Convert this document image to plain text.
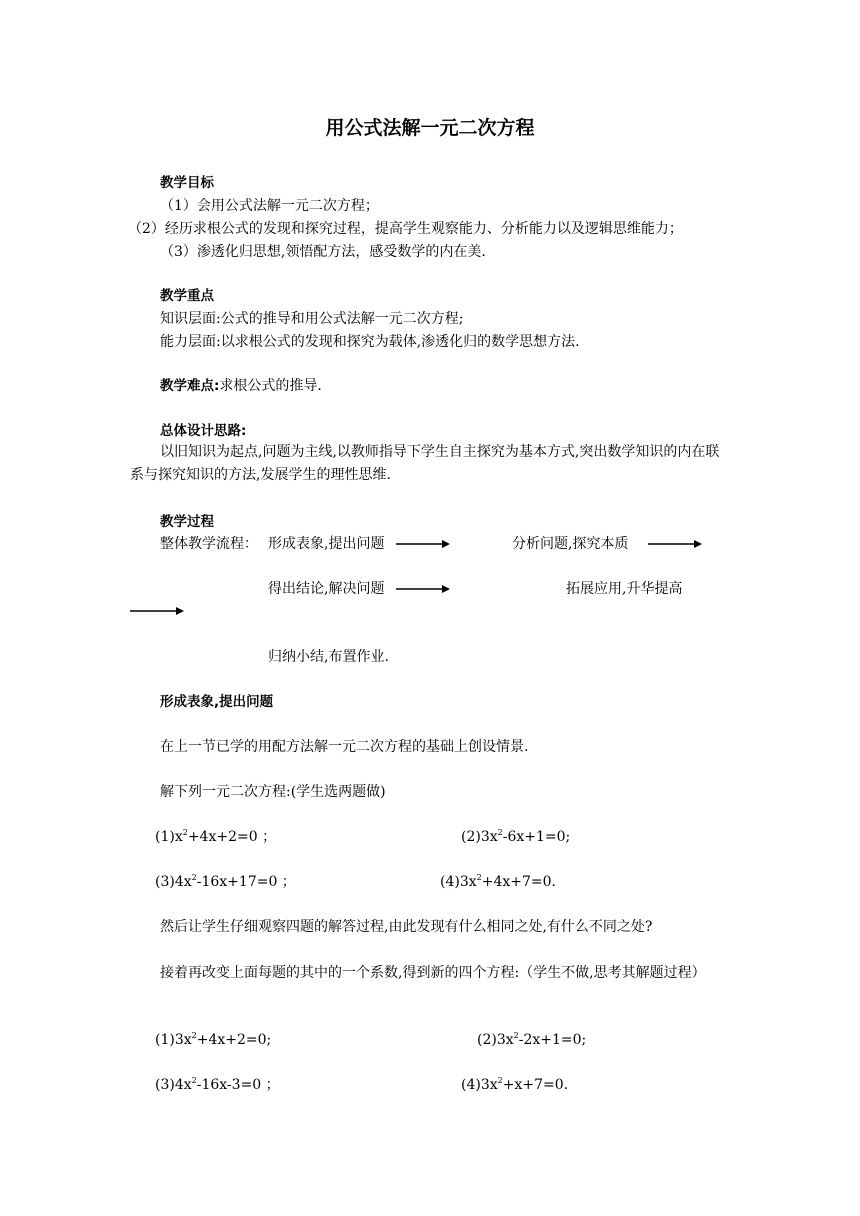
用公式法解一元二次方程
教学目标
（1）会用公式法解一元二次方程；
（2）经历求根公式的发现和探究过程，提高学生观察能力、分析能力以及逻辑思维能力；
（3）渗透化归思想,领悟配方法，感受数学的内在美.
教学重点
知识层面:公式的推导和用公式法解一元二次方程;
能力层面:以求根公式的发现和探究为载体,渗透化归的数学思想方法.
教学难点:求根公式的推导.
总体设计思路:
以旧知识为起点,问题为主线,以教师指导下学生自主探究为基本方式,突出数学知识的内在联系与探究知识的方法,发展学生的理性思维.
教学过程
整体教学流程： 形成表象,提出问题	分析问题,探究本质
得出结论,解决问题	拓展应用,升华提高
归纳小结,布置作业.
形成表象,提出问题
在上一节已学的用配方法解一元二次方程的基础上创设情景.
解下列一元二次方程:(学生选两题做)
$(1)x^2+4x+2=0$ ；	$(2)3x^2-6x+1=0$;
$(3)4x^2-16x+17=0$ ；	$(4)3x^2+4x+7=0$.
然后让学生仔细观察四题的解答过程,由此发现有什么相同之处,有什么不同之处?
接着再改变上面每题的其中的一个系数,得到新的四个方程:（学生不做,思考其解题过程）
$(1)3x^2+4x+2=0$;	$(2)3x^2-2x+1=0$;
$(3)4x^2-16x-3=0$ ；	$(4)3x^2+x+7=0$.
